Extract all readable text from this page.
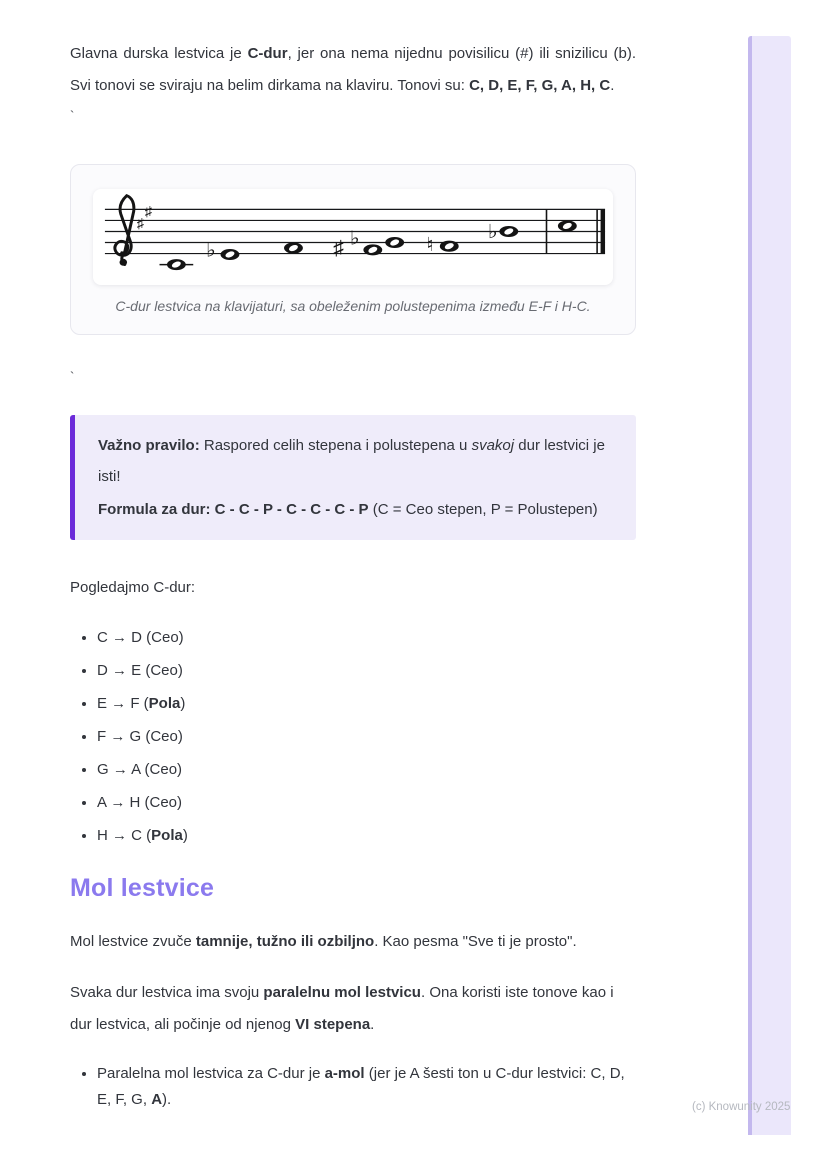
Glavna durska lestvica je C-dur, jer ona nema nijednu povisilicu (#) ili snizilicu (b). Svi tonovi se sviraju na belim dirkama na klaviru. Tonovi su: C, D, E, F, G, A, H, C.

`
♯
♯
♭	♯ ♭	♮
♭
C-dur lestvica na klavijaturi, sa obeleženim polustepenima između E-F i H-C.
`

Važno pravilo: Raspored celih stepena i polustepena u svakoj dur lestvici je isti!

Formula za dur: C - C - P - C - C - C - P (C = Ceo stepen, P = Polustepen)

Pogledajmo C-dur:

• C → D (Ceo)
• D → E (Ceo)
• E → F (Pola)
• F → G (Ceo)
• G → A (Ceo)
• A → H (Ceo)
• H → C (Pola)
Mol lestvice

Mol lestvice zvuče tamnije, tužno ili ozbiljno. Kao pesma "Sve ti je prosto".

Svaka dur lestvica ima svoju paralelnu mol lestvicu. Ona koristi iste tonove kao i dur lestvica, ali počinje od njenog VI stepena.

• Paralelna mol lestvica za C-dur je a-mol (jer je A šesti ton u C-dur lestvici: C, D, E, F, G, A).	(c) Knowunity 2025
